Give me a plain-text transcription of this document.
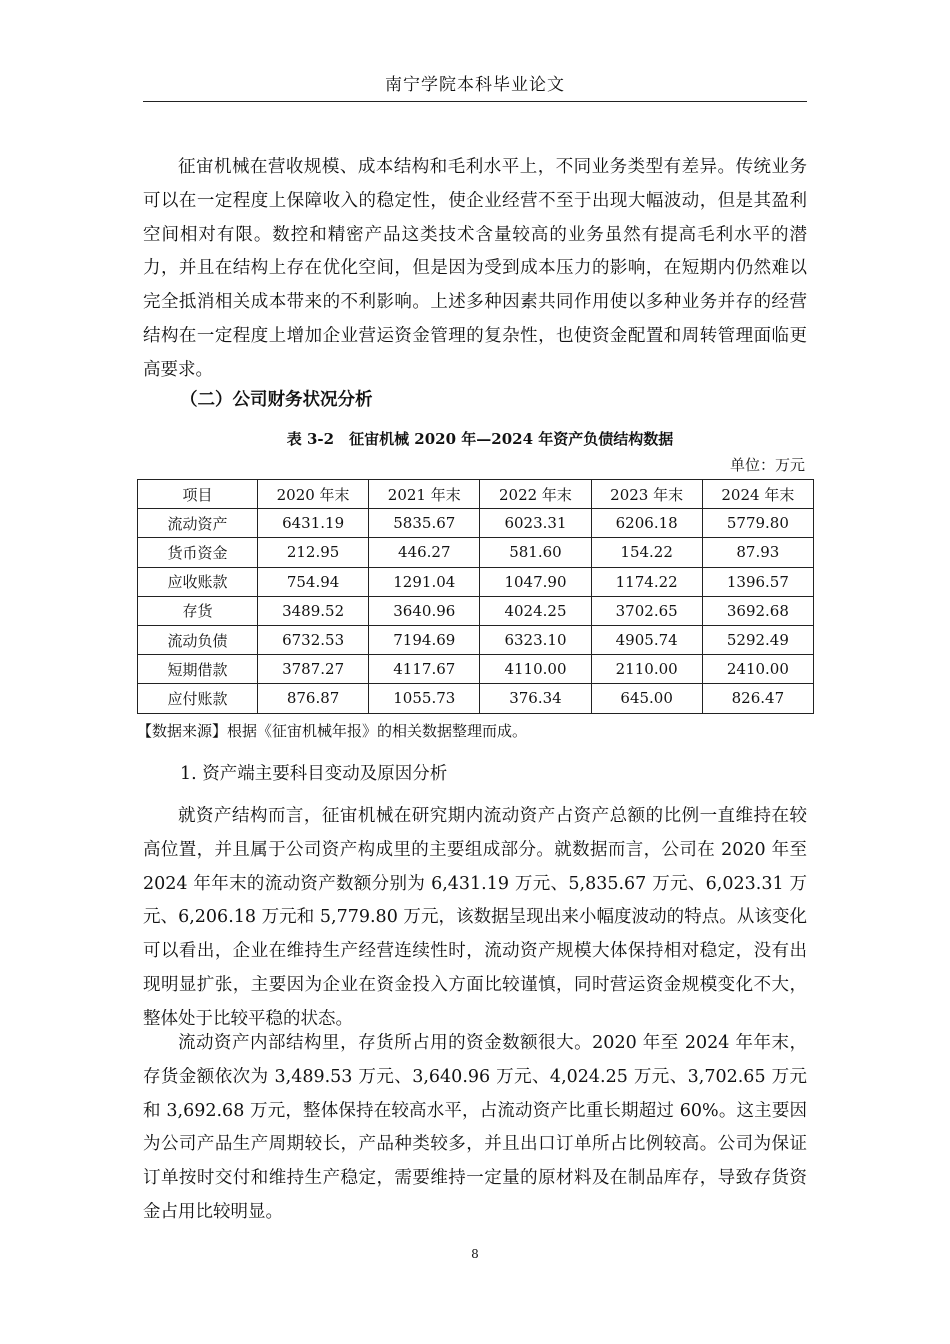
南宁学院本科毕业论文

征宙机械在营收规模、成本结构和毛利水平上，不同业务类型有差异。传统业务可以在一定程度上保障收入的稳定性，使企业经营不至于出现大幅波动，但是其盈利空间相对有限。数控和精密产品这类技术含量较高的业务虽然有提高毛利水平的潜力，并且在结构上存在优化空间，但是因为受到成本压力的影响，在短期内仍然难以完全抵消相关成本带来的不利影响。上述多种因素共同作用使以多种业务并存的经营结构在一定程度上增加企业营运资金管理的复杂性，也使资金配置和周转管理面临更高要求。

（二）公司财务状况分析

表 3-2　征宙机械 2020 年—2024 年资产负债结构数据
单位：万元
项目	2020 年末	2021 年末	2022 年末	2023 年末	2024 年末
流动资产	6431.19	5835.67	6023.31	6206.18	5779.80
货币资金	212.95	446.27	581.60	154.22	87.93
应收账款	754.94	1291.04	1047.90	1174.22	1396.57
存货	3489.52	3640.96	4024.25	3702.65	3692.68
流动负债	6732.53	7194.69	6323.10	4905.74	5292.49
短期借款	3787.27	4117.67	4110.00	2110.00	2410.00
应付账款	876.87	1055.73	376.34	645.00	826.47
【数据来源】根据《征宙机械年报》的相关数据整理而成。

1. 资产端主要科目变动及原因分析

就资产结构而言，征宙机械在研究期内流动资产占资产总额的比例一直维持在较高位置，并且属于公司资产构成里的主要组成部分。就数据而言，公司在 2020 年至 2024 年年末的流动资产数额分别为 6,431.19 万元、5,835.67 万元、6,023.31 万元、6,206.18 万元和 5,779.80 万元，该数据呈现出来小幅度波动的特点。从该变化可以看出，企业在维持生产经营连续性时，流动资产规模大体保持相对稳定，没有出现明显扩张，主要因为企业在资金投入方面比较谨慎，同时营运资金规模变化不大，整体处于比较平稳的状态。

流动资产内部结构里，存货所占用的资金数额很大。2020 年至 2024 年年末，存货金额依次为 3,489.53 万元、3,640.96 万元、4,024.25 万元、3,702.65 万元和 3,692.68 万元，整体保持在较高水平，占流动资产比重长期超过 60%。这主要因为公司产品生产周期较长，产品种类较多，并且出口订单所占比例较高。公司为保证订单按时交付和维持生产稳定，需要维持一定量的原材料及在制品库存，导致存货资金占用比较明显。

8
